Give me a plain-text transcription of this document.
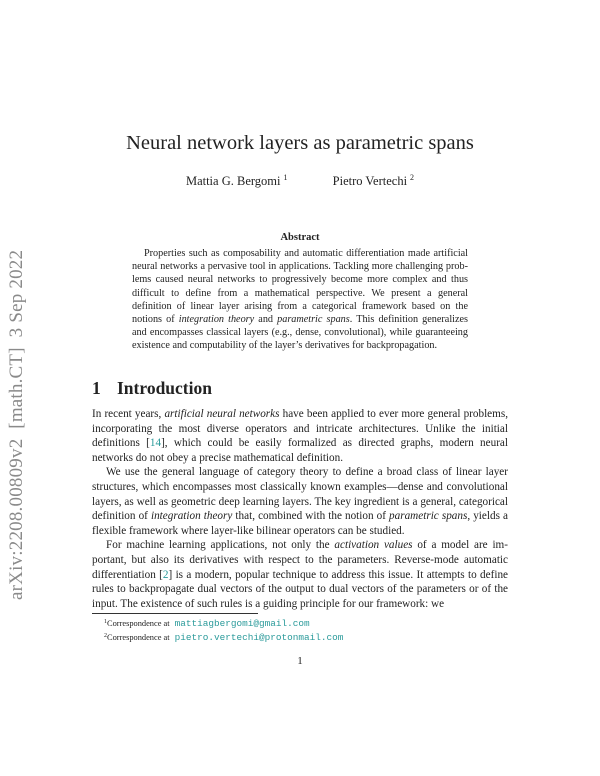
arXiv:2208.00809v2  [math.CT]  3 Sep 2022
Neural network layers as parametric spans
Mattia G. Bergomi $^1$	Pietro Vertechi $^2$
Abstract
Properties such as composability and automatic differentiation made artificial neural networks a pervasive tool in applications. Tackling more challenging problems caused neural networks to progressively become more complex and thus difficult to define from a mathematical perspective. We present a general definition of linear layer arising from a categorical framework based on the notions of integration theory and parametric spans. This definition generalizes and encompasses classical layers (e.g., dense, convolutional), while guaranteeing existence and computability of the layer’s derivatives for backpropagation.
1 Introduction

In recent years, artificial neural networks have been applied to ever more general problems, incorporating the most diverse operators and intricate architectures. Unlike the initial definitions [14], which could be easily formalized as directed graphs, modern neural networks do not obey a precise mathematical definition.

We use the general language of category theory to define a broad class of linear layer structures, which encompasses most classically known examples—dense and convolutional layers, as well as geometric deep learning layers. The key ingredient is a general, categorical definition of integration theory that, combined with the notion of parametric spans, yields a flexible framework where layer-like bilinear operators can be studied.

For machine learning applications, not only the activation values of a model are important, but also its derivatives with respect to the parameters. Reverse-mode automatic differentiation [2] is a modern, popular technique to address this issue. It attempts to define rules to backpropagate dual vectors of the output to dual vectors of the parameters or of the input. The existence of such rules is a guiding principle for our framework: we

$^1$Correspondence at mattiagbergomi@gmail.com
$^2$Correspondence at pietro.vertechi@protonmail.com
1
